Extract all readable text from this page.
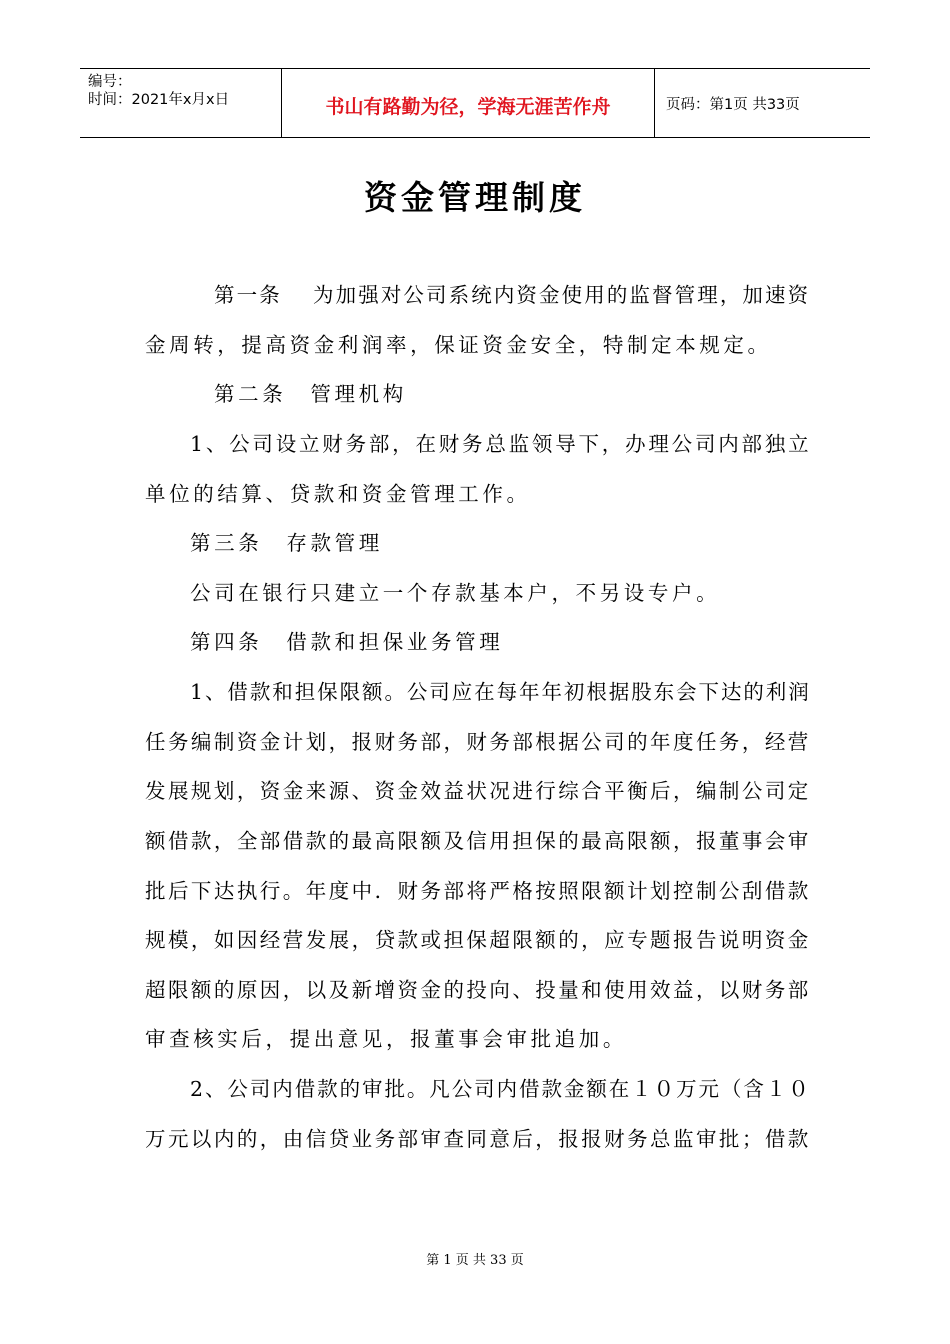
编号：
时间：2021年x月x日	书山有路勤为径，学海无涯苦作舟	页码：第1页 共33页
资金管理制度
第一条　 为加强对公司系统内资金使用的监督管理，加速资
金周转，提高资金利润率，保证资金安全，特制定本规定。
第二条　管理机构
1、公司设立财务部，在财务总监领导下，办理公司内部独立
单位的结算、贷款和资金管理工作。
第三条　存款管理
公司在银行只建立一个存款基本户，不另设专户。
第四条　借款和担保业务管理
1、借款和担保限额。公司应在每年年初根据股东会下达的利润
任务编制资金计划，报财务部，财务部根据公司的年度任务，经营
发展规划，资金来源、资金效益状况进行综合平衡后，编制公司定
额借款，全部借款的最高限额及信用担保的最高限额，报董事会审
批后下达执行。年度中．财务部将严格按照限额计划控制公刮借款
规模，如因经营发展，贷款或担保超限额的，应专题报告说明资金
超限额的原因，以及新增资金的投向、投量和使用效益，以财务部
审查核实后，提出意见，报董事会审批追加。
2、公司内借款的审批。凡公司内借款金额在１０万元（含１０
万元以内的，由信贷业务部审查同意后，报报财务总监审批；借款
第 1 页 共 33 页
